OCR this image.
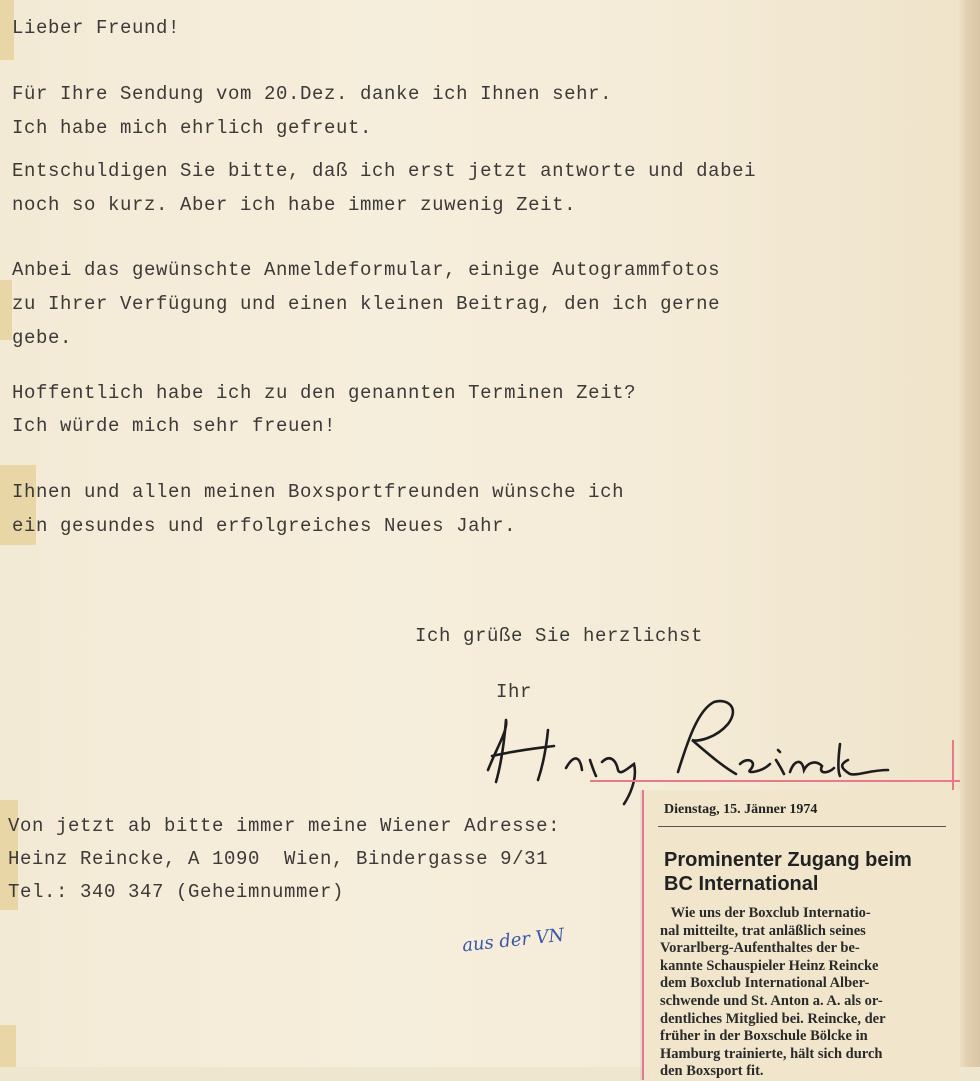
Lieber Freund!

Für Ihre Sendung vom 20.Dez. danke ich Ihnen sehr.

Ich habe mich ehrlich gefreut.

Entschuldigen Sie bitte, daß ich erst jetzt antworte und dabei

noch so kurz. Aber ich habe immer zuwenig Zeit.

Anbei das gewünschte Anmeldeformular, einige Autogrammfotos

zu Ihrer Verfügung und einen kleinen Beitrag, den ich gerne

gebe.

Hoffentlich habe ich zu den genannten Terminen Zeit?

Ich würde mich sehr freuen!

Ihnen und allen meinen Boxsportfreunden wünsche ich

ein gesundes und erfolgreiches Neues Jahr.

Ich grüße Sie herzlichst

Ihr

Von jetzt ab bitte immer meine Wiener Adresse:

Heinz Reincke, A 1090  Wien, Bindergasse 9/31

Tel.: 340 347 (Geheimnummer)

aus der VN
Dienstag, 15. Jänner 1974
Prominenter Zugang beim
BC International
Wie uns der Boxclub Internatio-
nal mitteilte, trat anläßlich seines
Vorarlberg-Aufenthaltes der be-
kannte Schauspieler Heinz Reincke
dem Boxclub International Alber-
schwende und St. Anton a. A. als or-
dentliches Mitglied bei. Reincke, der
früher in der Boxschule Bölcke in
Hamburg trainierte, hält sich durch
den Boxsport fit.
